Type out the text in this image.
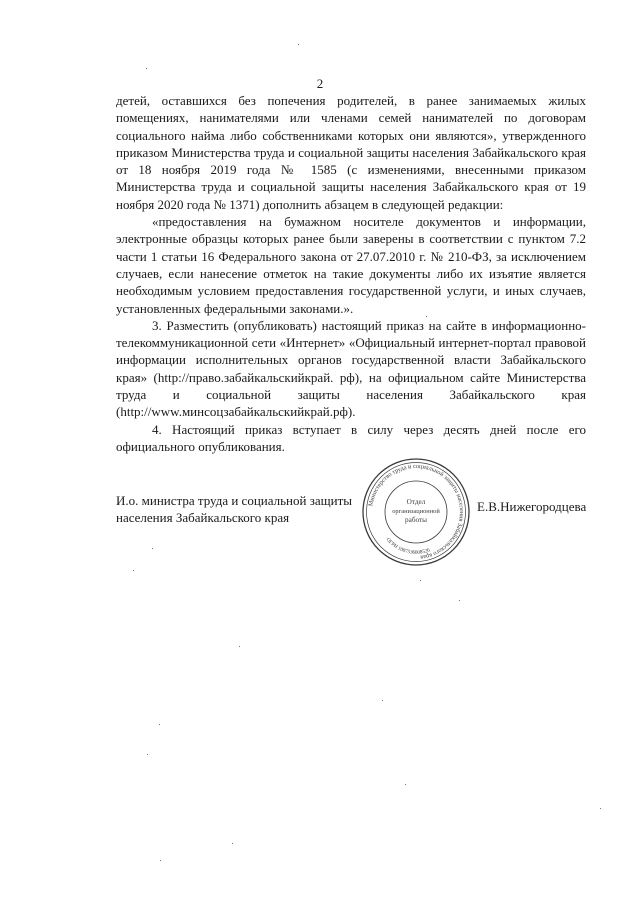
2

детей, оставшихся без попечения родителей, в ранее занимаемых жилых помещениях, нанимателями или членами семей нанимателей по договорам социального найма либо собственниками которых они являются», утвержденного приказом Министерства труда и социальной защиты населения Забайкальского края от 18 ноября 2019 года № 1585 (с изменениями, внесенными приказом Министерства труда и социальной защиты населения Забайкальского края от 19 ноября 2020 года № 1371) дополнить абзацем в следующей редакции:

«предоставления на бумажном носителе документов и информации, электронные образцы которых ранее были заверены в соответствии с пунктом 7.2 части 1 статьи 16 Федерального закона от 27.07.2010 г. № 210-ФЗ, за исключением случаев, если нанесение отметок на такие документы либо их изъятие является необходимым условием предоставления государственной услуги, и иных случаев, установленных федеральными законами.».

3. Разместить (опубликовать) настоящий приказ на сайте в информационно-телекоммуникационной сети «Интернет» «Официальный интернет-портал правовой информации исполнительных органов государственной власти Забайкальского края» (http://право.забайкальскийкрай. рф), на официальном сайте Министерства труда и социальной защиты населения Забайкальского края (http://www.минсоцзабайкальскийкрай.рф).

4. Настоящий приказ вступает в силу через десять дней после его официального опубликования.

И.о. министра труда и социальной защиты населения Забайкальского края
Е.В.Нижегородцева
Министерство труда и социальной защиты населения Забайкальского края
ОГРН 1087536008526
Отдел
организационной
работы
